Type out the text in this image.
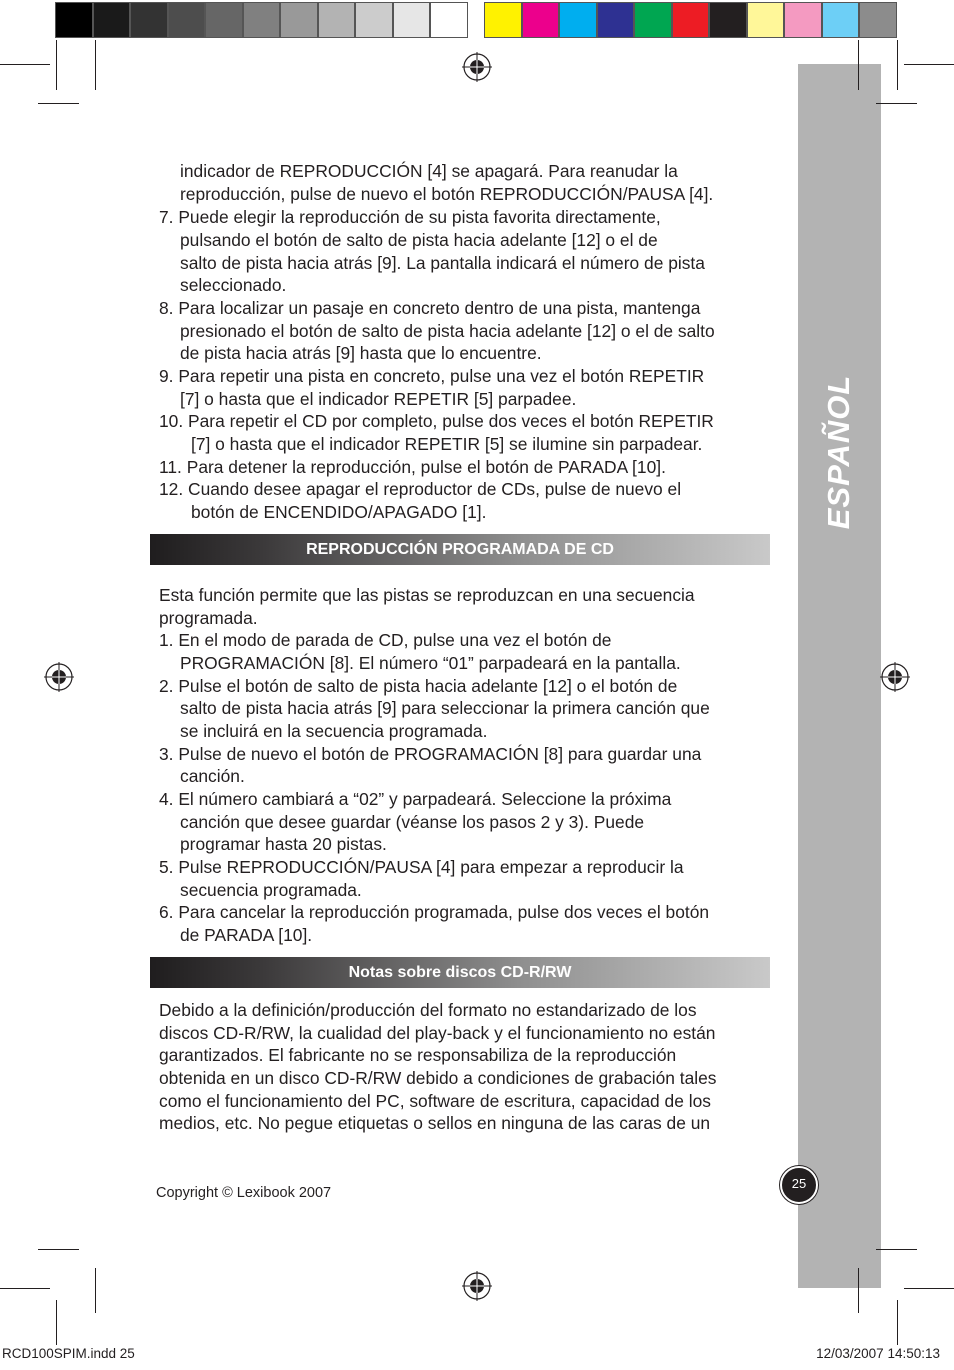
ESPAÑOL
indicador de REPRODUCCIÓN [4] se apagará. Para reanudar la
reproducción, pulse de nuevo el botón REPRODUCCIÓN/PAUSA [4].
7. Puede elegir la reproducción de su pista favorita directamente,
pulsando el botón de salto de pista hacia adelante [12] o el de
salto de pista hacia atrás [9]. La pantalla indicará el número de pista
seleccionado.
8. Para localizar un pasaje en concreto dentro de una pista, mantenga
presionado el botón de salto de pista hacia adelante [12] o el de salto
de pista hacia atrás [9] hasta que lo encuentre.
9. Para repetir una pista en concreto, pulse una vez el botón REPETIR
[7] o hasta que el indicador REPETIR [5] parpadee.
10. Para repetir el CD por completo, pulse dos veces el botón REPETIR
[7] o hasta que el indicador REPETIR [5] se ilumine sin parpadear.
11. Para detener la reproducción, pulse el botón de PARADA [10].
12. Cuando desee apagar el reproductor de CDs, pulse de nuevo el
botón de ENCENDIDO/APAGADO [1].
REPRODUCCIÓN PROGRAMADA DE CD
Esta función permite que las pistas se reproduzcan en una secuencia
programada.
1. En el modo de parada de CD, pulse una vez el botón de
PROGRAMACIÓN [8]. El número “01” parpadeará en la pantalla.
2. Pulse el botón de salto de pista hacia adelante [12] o el botón de
salto de pista hacia atrás [9] para seleccionar la primera canción que
se incluirá en la secuencia programada.
3. Pulse de nuevo el botón de PROGRAMACIÓN [8] para guardar una
canción.
4. El número cambiará a “02” y parpadeará. Seleccione la próxima
canción que desee guardar (véanse los pasos 2 y 3). Puede
programar hasta 20 pistas.
5. Pulse REPRODUCCIÓN/PAUSA [4] para empezar a reproducir la
secuencia programada.
6. Para cancelar la reproducción programada, pulse dos veces el botón
de PARADA [10].
Notas sobre discos CD-R/RW
Debido a la definición/producción del formato no estandarizado de los
discos CD-R/RW, la cualidad del play-back y el funcionamiento no están
garantizados. El fabricante no se responsabiliza de la reproducción
obtenida en un disco CD-R/RW debido a condiciones de grabación tales
como el funcionamiento del PC, software de escritura, capacidad de los
medios, etc. No pegue etiquetas o sellos en ninguna de las caras de un
Copyright © Lexibook 2007
25
RCD100SPIM.indd 25	12/03/2007 14:50:13
